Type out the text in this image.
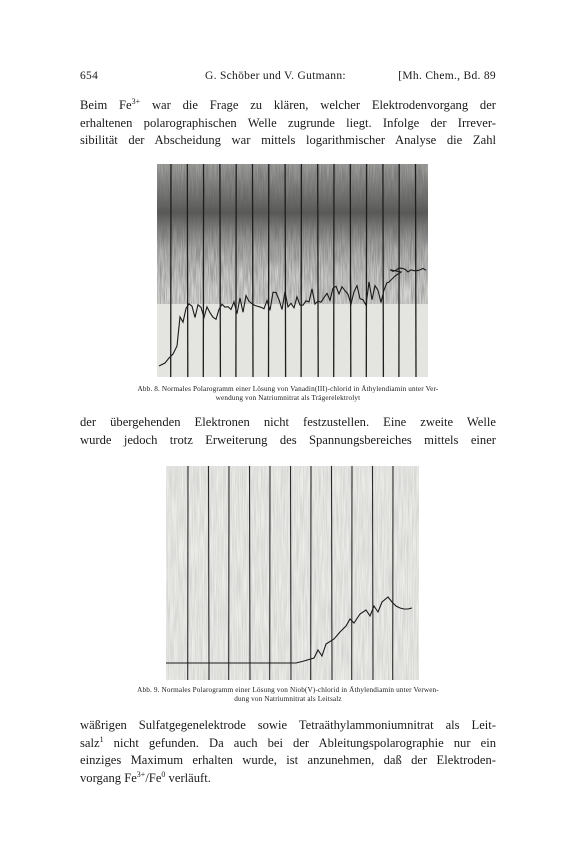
654	G. Schöber und V. Gutmann:	[Mh. Chem., Bd. 89
Beim $Fe^{3+}$ war die Frage zu klären, welcher Elektrodenvorgang der
erhaltenen polarographischen Welle zugrunde liegt. Infolge der Irrever-
sibilität der Abscheidung war mittels logarithmischer Analyse die Zahl
Abb. 8. Normales Polarogramm einer Lösung von Vanadin(III)-chlorid in Äthylendiamin unter Ver-
wendung von Natriumnitrat als Trägerelektrolyt
der übergehenden Elektronen nicht festzustellen. Eine zweite Welle
wurde jedoch trotz Erweiterung des Spannungsbereiches mittels einer
Abb. 9. Normales Polarogramm einer Lösung von Niob(V)-chlorid in Äthylendiamin unter Verwen-
dung von Natriumnitrat als Leitsalz
wäßrigen Sulfatgegenelektrode sowie Tetraäthylammoniumnitrat als Leit-
salz$^1$ nicht gefunden. Da auch bei der Ableitungspolarographie nur ein
einziges Maximum erhalten wurde, ist anzunehmen, daß der Elektroden-
vorgang $Fe^{3+}/Fe^0$ verläuft.
